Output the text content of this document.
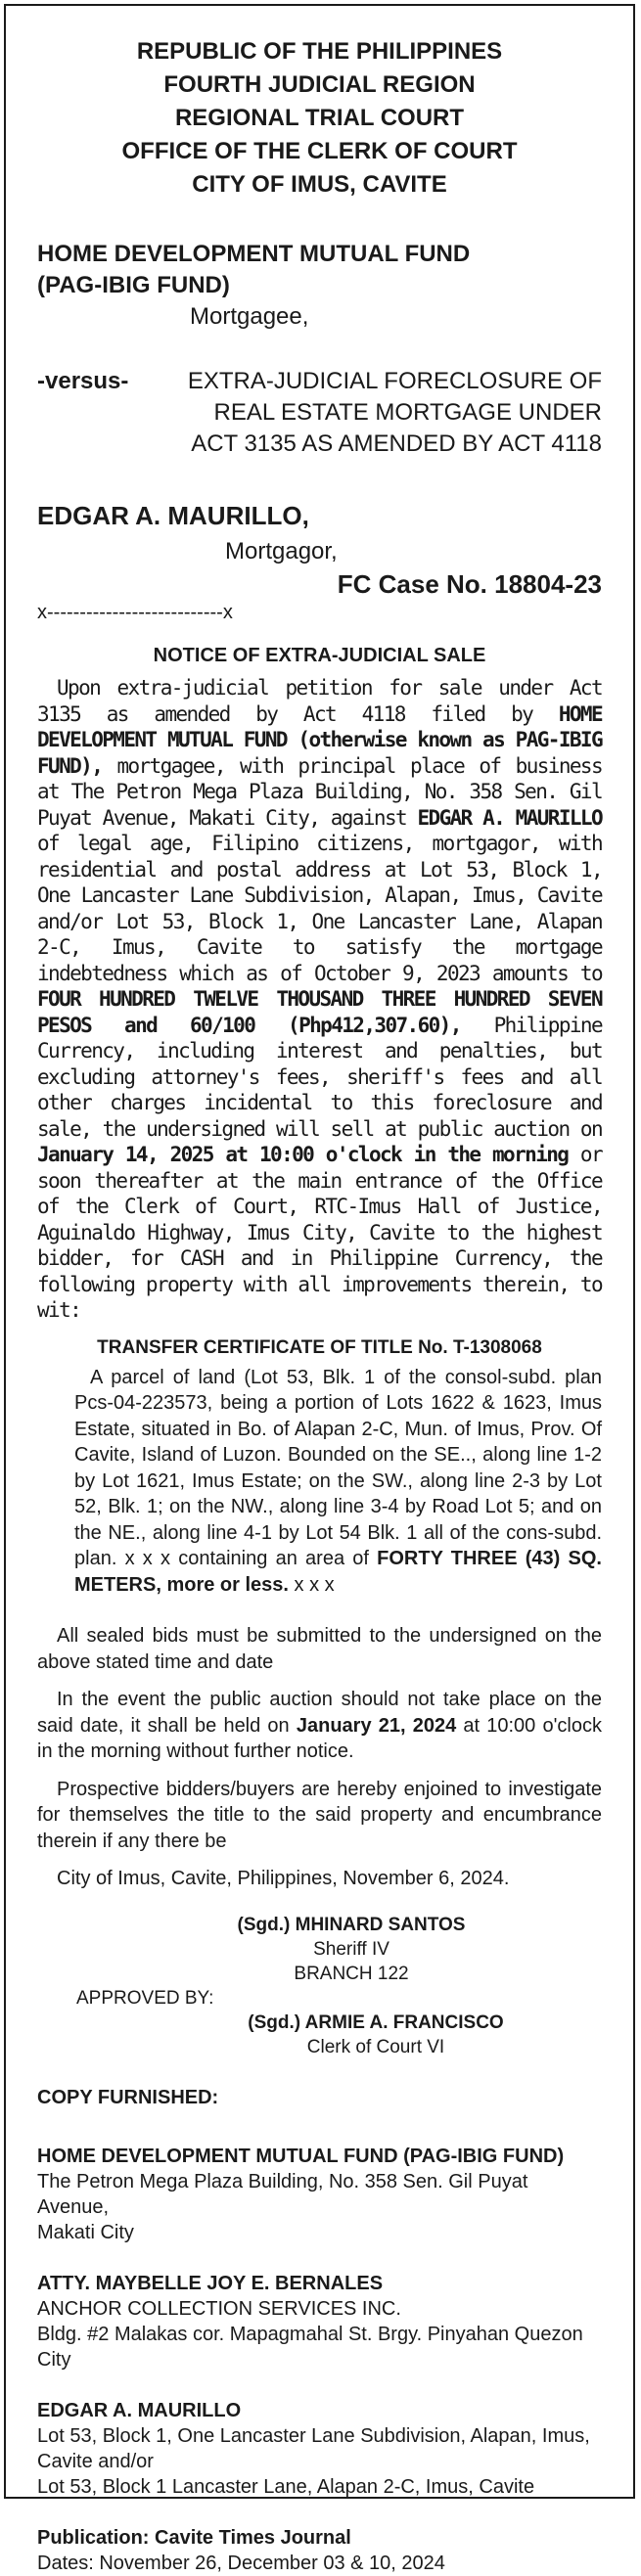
REPUBLIC OF THE PHILIPPINES
FOURTH JUDICIAL REGION
REGIONAL TRIAL COURT
OFFICE OF THE CLERK OF COURT
CITY OF IMUS, CAVITE
HOME DEVELOPMENT MUTUAL FUND
(PAG-IBIG FUND)
Mortgagee,
-versus-	EXTRA-JUDICIAL FORECLOSURE OF
REAL ESTATE MORTGAGE UNDER
ACT 3135 AS AMENDED BY ACT 4118
EDGAR A. MAURILLO,
Mortgagor,
FC Case No. 18804-23
x---------------------------x
NOTICE OF EXTRA-JUDICIAL SALE
Upon extra-judicial petition for sale under Act 3135 as amended by Act 4118 filed by HOME DEVELOPMENT MUTUAL FUND (otherwise known as PAG-IBIG FUND), mortgagee, with principal place of business at The Petron Mega Plaza Building, No. 358 Sen. Gil Puyat Avenue, Makati City, against EDGAR A. MAURILLO of legal age, Filipino citizens, mortgagor, with residential and postal address at Lot 53, Block 1, One Lancaster Lane Subdivision, Alapan, Imus, Cavite and/or Lot 53, Block 1, One Lancaster Lane, Alapan 2-C, Imus, Cavite to satisfy the mortgage indebtedness which as of October 9, 2023 amounts to FOUR HUNDRED TWELVE THOUSAND THREE HUNDRED SEVEN PESOS and 60/100 (Php412,307.60), Philippine Currency, including interest and penalties, but excluding attorney's fees, sheriff's fees and all other charges incidental to this foreclosure and sale, the undersigned will sell at public auction on January 14, 2025 at 10:00 o'clock in the morning or soon thereafter at the main entrance of the Office of the Clerk of Court, RTC-Imus Hall of Justice, Aguinaldo Highway, Imus City, Cavite to the highest bidder, for CASH and in Philippine Currency, the following property with all improvements therein, to wit:
TRANSFER CERTIFICATE OF TITLE No. T-1308068
A parcel of land (Lot 53, Blk. 1 of the consol-subd. plan Pcs-04-223573, being a portion of Lots 1622 & 1623, Imus Estate, situated in Bo. of Alapan 2-C, Mun. of Imus, Prov. Of Cavite, Island of Luzon. Bounded on the SE.., along line 1-2 by Lot 1621, Imus Estate; on the SW., along line 2-3 by Lot 52, Blk. 1; on the NW., along line 3-4 by Road Lot 5; and on the NE., along line 4-1 by Lot 54 Blk. 1 all of the cons-subd. plan. x x x containing an area of FORTY THREE (43) SQ. METERS, more or less. x x x
All sealed bids must be submitted to the undersigned on the above stated time and date
In the event the public auction should not take place on the said date, it shall be held on January 21, 2024 at 10:00 o'clock in the morning without further notice.
Prospective bidders/buyers are hereby enjoined to investigate for themselves the title to the said property and encumbrance therein if any there be
City of Imus, Cavite, Philippines, November 6, 2024.
(Sgd.) MHINARD SANTOS
Sheriff IV
BRANCH 122
APPROVED BY:
(Sgd.) ARMIE A. FRANCISCO
Clerk of Court VI
COPY FURNISHED:
HOME DEVELOPMENT MUTUAL FUND (PAG-IBIG FUND)
The Petron Mega Plaza Building, No. 358 Sen. Gil Puyat Avenue,
Makati City
ATTY. MAYBELLE JOY E. BERNALES
ANCHOR COLLECTION SERVICES INC.
Bldg. #2 Malakas cor. Mapagmahal St. Brgy. Pinyahan Quezon
City
EDGAR A. MAURILLO
Lot 53, Block 1, One Lancaster Lane Subdivision, Alapan, Imus,
Cavite and/or
Lot 53, Block 1 Lancaster Lane, Alapan 2-C, Imus, Cavite
Publication: Cavite Times Journal
Dates: November 26, December 03 & 10, 2024
